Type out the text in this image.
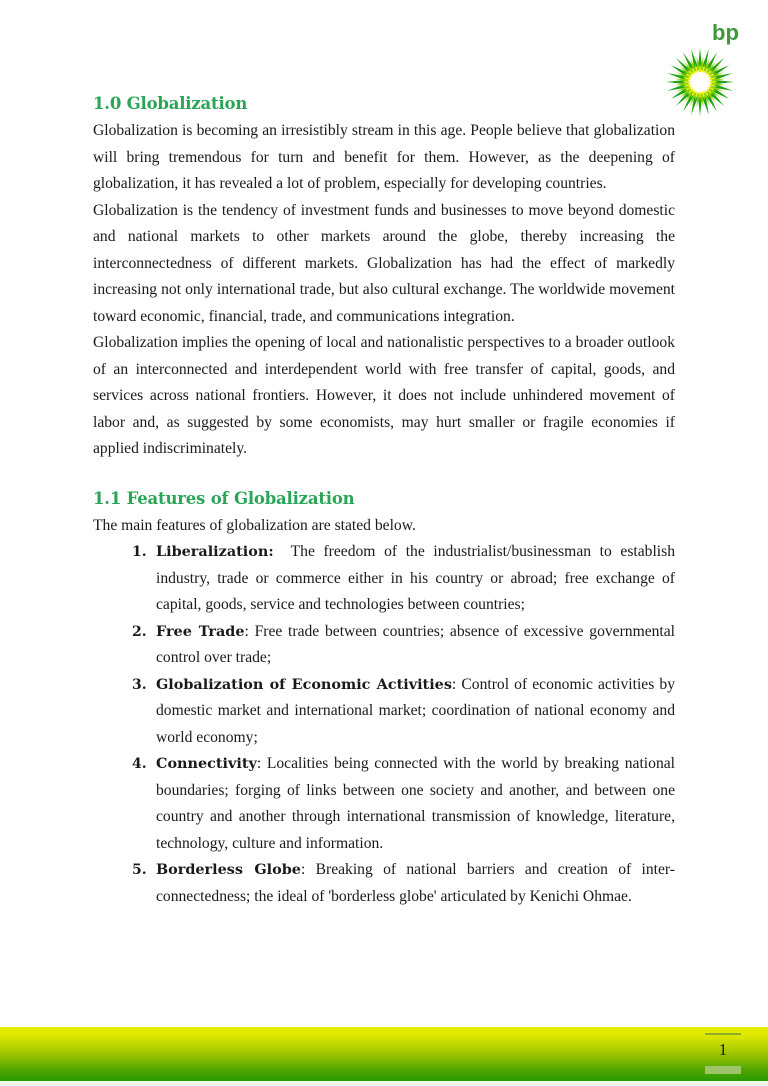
bp
1.0 Globalization

Globalization is becoming an irresistibly stream in this age. People believe that globalization will bring tremendous for turn and benefit for them. However, as the deepening of globalization, it has revealed a lot of problem, especially for developing countries.

Globalization is the tendency of investment funds and businesses to move beyond domestic and national markets to other markets around the globe, thereby increasing the interconnectedness of different markets. Globalization has had the effect of markedly increasing not only international trade, but also cultural exchange. The worldwide movement toward economic, financial, trade, and communications integration.

Globalization implies the opening of local and nationalistic perspectives to a broader outlook of an interconnected and interdependent world with free transfer of capital, goods, and services across national frontiers. However, it does not include unhindered movement of labor and, as suggested by some economists, may hurt smaller or fragile economies if applied indiscriminately.

1.1 Features of Globalization

The main features of globalization are stated below.

1. Liberalization:  The freedom of the industrialist/businessman to establish industry, trade or commerce either in his country or abroad; free exchange of capital, goods, service and technologies between countries;
2. Free Trade: Free trade between countries; absence of excessive governmental control over trade;
3. Globalization of Economic Activities: Control of economic activities by domestic market and international market; coordination of national economy and world economy;
4. Connectivity: Localities being connected with the world by breaking national boundaries; forging of links between one society and another, and between one country and another through international transmission of knowledge, literature, technology, culture and information.
5. Borderless Globe: Breaking of national barriers and creation of inter-connectedness; the ideal of 'borderless globe' articulated by Kenichi Ohmae.
1
